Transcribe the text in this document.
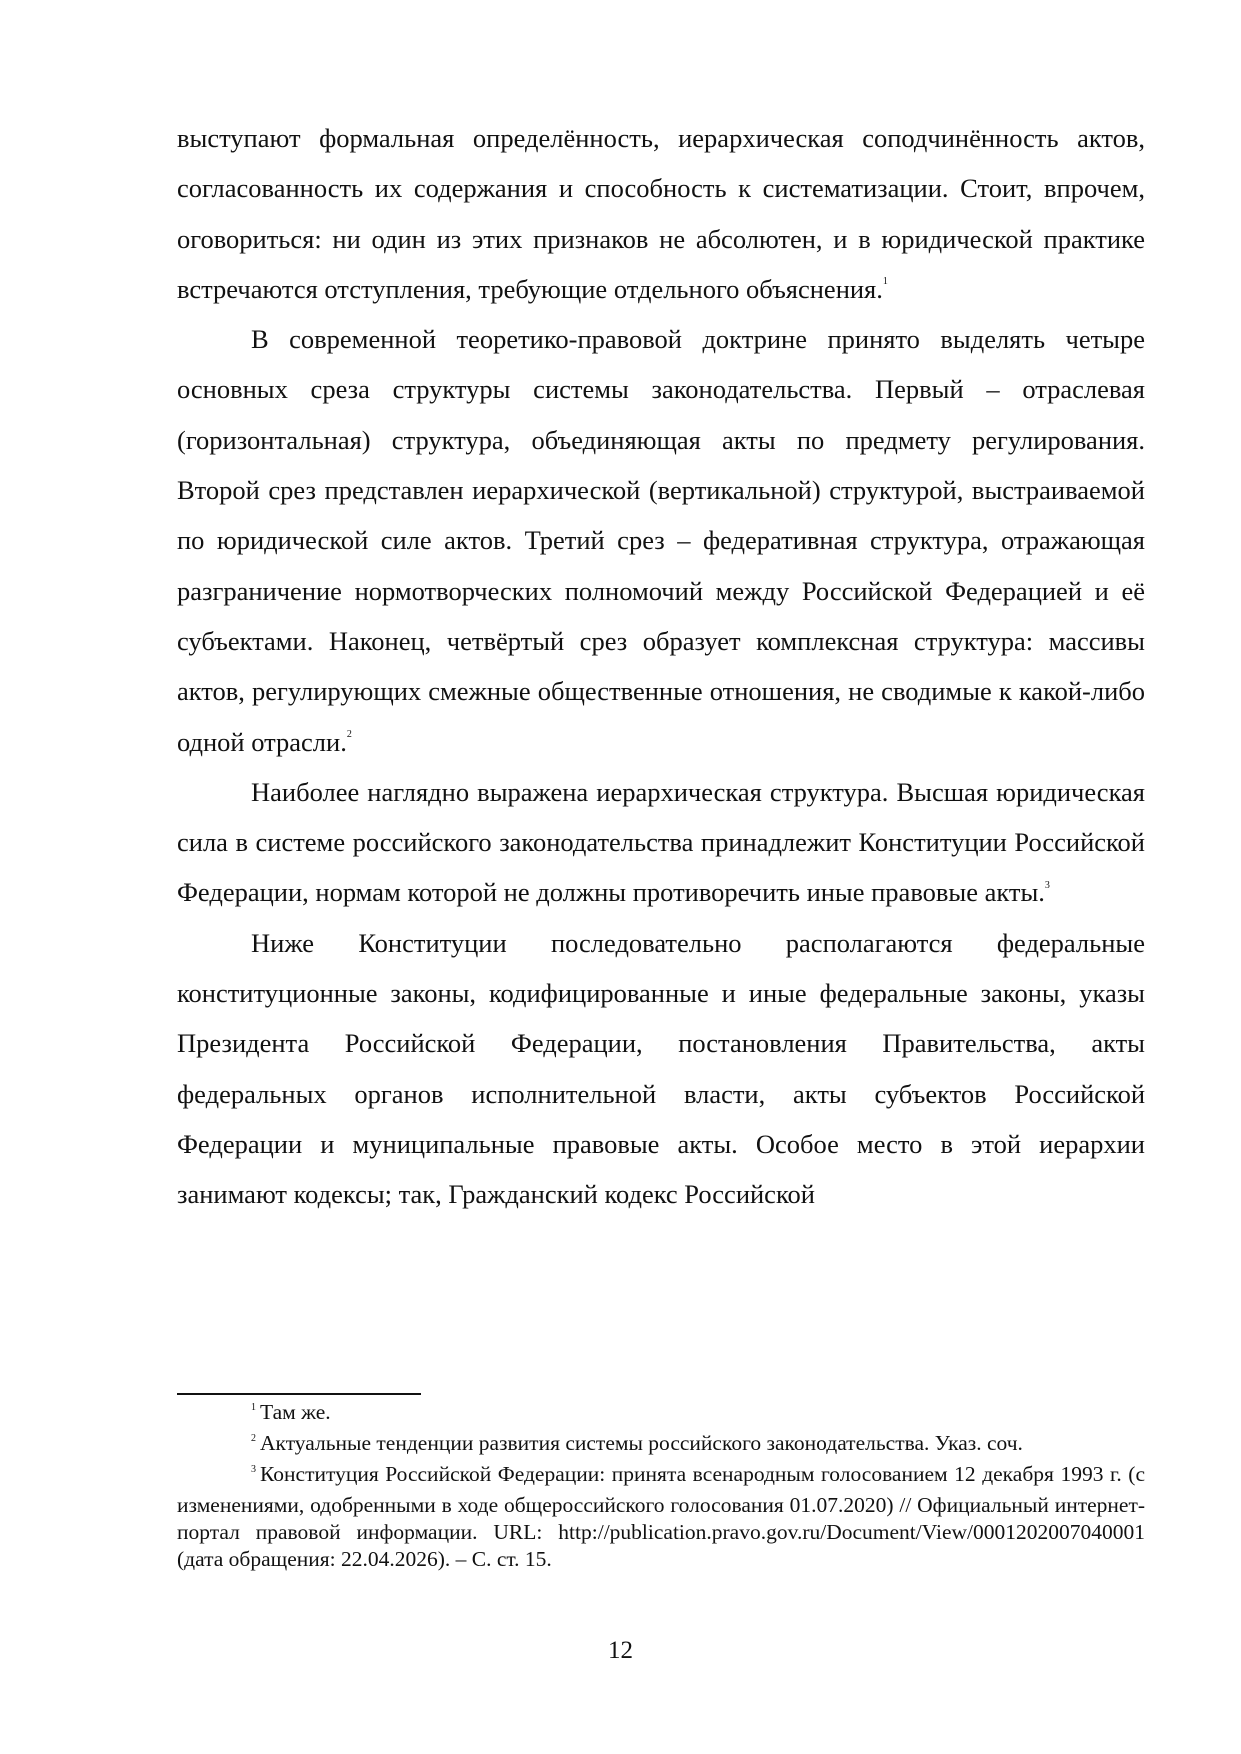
выступают формальная определённость, иерархическая соподчинённость актов, согласованность их содержания и способность к систематизации. Стоит, впрочем, оговориться: ни один из этих признаков не абсолютен, и в юридической практике встречаются отступления, требующие отдельного объяснения.$^1$

В современной теоретико-правовой доктрине принято выделять четыре основных среза структуры системы законодательства. Первый – отраслевая (горизонтальная) структура, объединяющая акты по предмету регулирования. Второй срез представлен иерархической (вертикальной) структурой, выстраиваемой по юридической силе актов. Третий срез – федеративная структура, отражающая разграничение нормотворческих полномочий между Российской Федерацией и её субъектами. Наконец, четвёртый срез образует комплексная структура: массивы актов, регулирующих смежные общественные отношения, не сводимые к какой-либо одной отрасли.$^2$

Наиболее наглядно выражена иерархическая структура. Высшая юридическая сила в системе российского законодательства принадлежит Конституции Российской Федерации, нормам которой не должны противоречить иные правовые акты.$^3$

Ниже Конституции последовательно располагаются федеральные конституционные законы, кодифицированные и иные федеральные законы, указы Президента Российской Федерации, постановления Правительства, акты федеральных органов исполнительной власти, акты субъектов Российской Федерации и муниципальные правовые акты. Особое место в этой иерархии занимают кодексы; так, Гражданский кодекс Российской

$^1$ Там же.

$^2$ Актуальные тенденции развития системы российского законодательства. Указ. соч.

$^3$ Конституция Российской Федерации: принята всенародным голосованием 12 декабря 1993 г. (с изменениями, одобренными в ходе общероссийского голосования 01.07.2020) // Официальный интернет-портал правовой информации. URL: http://publication.pravo.gov.ru/Document/View/0001202007040001 (дата обращения: 22.04.2026). – С. ст. 15.

12
